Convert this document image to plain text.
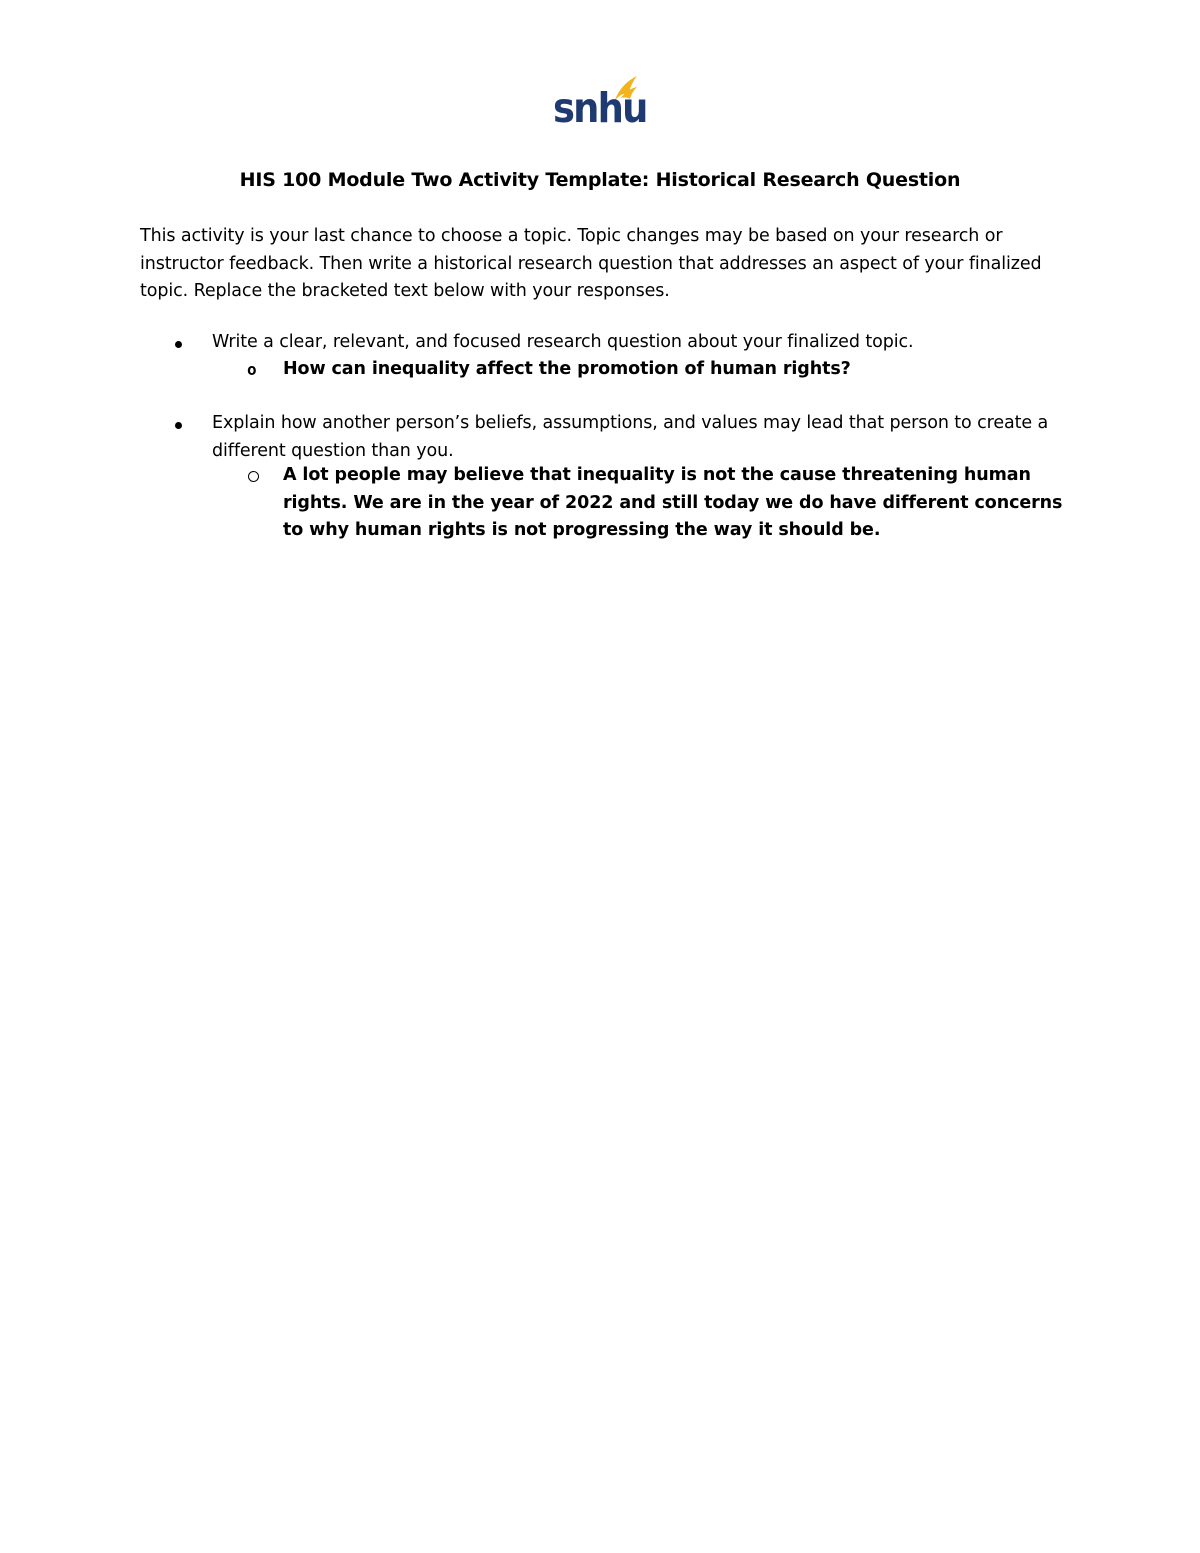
snhu
HIS 100 Module Two Activity Template: Historical Research Question

This activity is your last chance to choose a topic. Topic changes may be based on your research or instructor feedback. Then write a historical research question that addresses an aspect of your finalized topic. Replace the bracketed text below with your responses.

Write a clear, relevant, and focused research question about your finalized topic.
o How can inequality affect the promotion of human rights?
Explain how another person’s beliefs, assumptions, and values may lead that person to create a different question than you.
A lot people may believe that inequality is not the cause threatening human rights. We are in the year of 2022 and still today we do have different concerns to why human rights is not progressing the way it should be.
